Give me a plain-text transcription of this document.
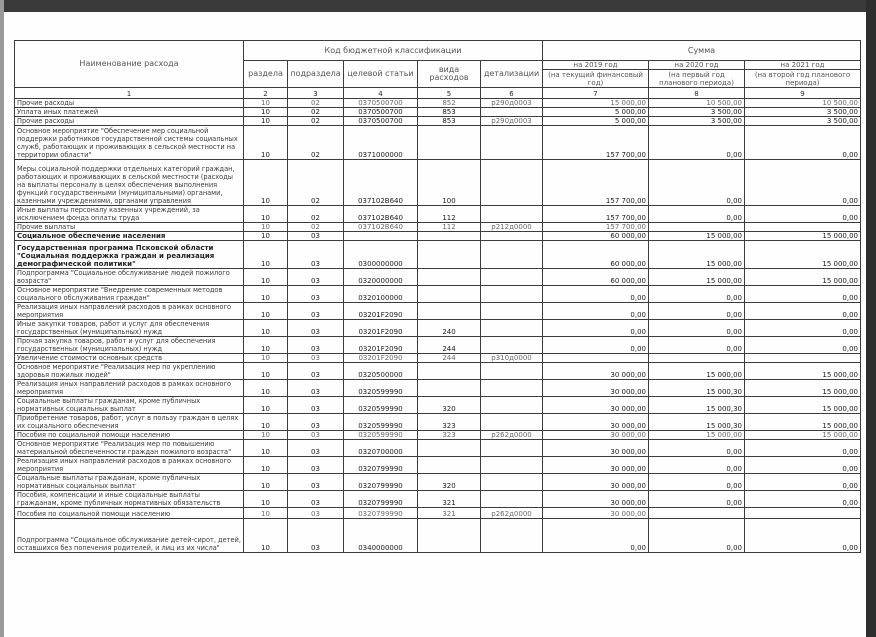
Наименование расхода	Код бюджетной классификации					Сумма		
	раздела	подраздела	целевой статьи	вида расходов	детализации	на 2019 год	на 2020 год	на 2021 год
						(на текущий финансовый год)	(на первый год планового периода)	(на второй год планового периода)
1	2	3	4	5	6	7	8	9
Прочие расходы	10	02	0370500700	852	р290д0003	15 000,00	10 500,00	10 500,00
Уплата иных платежей	10	02	0370500700	853		5 000,00	3 500,00	3 500,00
Прочие расходы	10	02	0370500700	853	р290д0003	5 000,00	3 500,00	3 500,00
Основное мероприятие "Обеспечение мер социальной поддержки работников государственной системы социальных служб, работающих и проживающих в сельской местности на территории области"	10	02	0371000000			157 700,00	0,00	0,00
Меры социальной поддержки отдельных категорий граждан, работающих и проживающих в сельской местности (расходы на выплаты персоналу в целях обеспечения выполнения функций государственными (муниципальными) органами, казенными учреждениями, органами управления	10	02	037102В640	100		157 700,00	0,00	0,00
Иные выплаты персоналу казенных учреждений, за исключением фонда оплаты труда	10	02	037102В640	112		157 700,00	0,00	0,00
Прочие выплаты	10	02	037102В640	112	р212д0000	157 700,00		
Социальное обеспечение населения	10	03				60 000,00	15 000,00	15 000,00
Государственная программа Псковской области "Социальная поддержка граждан и реализация демографической политики"	10	03	0300000000			60 000,00	15 000,00	15 000,00
Подпрограмма "Социальное обслуживание людей пожилого возраста"	10	03	0320000000			60 000,00	15 000,00	15 000,00
Основное мероприятие "Внедрение современных методов социального обслуживания граждан"	10	03	0320100000			0,00	0,00	0,00
Реализация иных направлений расходов в рамках основного мероприятия	10	03	03201F2090			0,00	0,00	0,00
Иные закупки товаров, работ и услуг для обеспечения государственных (муниципальных) нужд	10	03	03201F2090	240		0,00	0,00	0,00
Прочая закупка товаров, работ и услуг для обеспечения государственных (муниципальных) нужд	10	03	03201F2090	244		0,00	0,00	0,00
Увеличение стоимости основных средств	10	03	03201F2090	244	р310д0000			
Основное мероприятие "Реализация мер по укреплению здоровья пожилых людей"	10	03	0320500000			30 000,00	15 000,00	15 000,00
Реализация иных направлений расходов в рамках основного мероприятия	10	03	0320599990			30 000,00	15 000,30	15 000,00
Социальные выплаты гражданам, кроме публичных нормативных социальных выплат	10	03	0320599990	320		30 000,00	15 000,30	15 000,00
Приобретение товаров, работ, услуг в пользу граждан в целях их социального обеспечения	10	03	0320599990	323		30 000,00	15 000,30	15 000,00
Пособия по социальной помощи населению	10	03	0320599990	323	р262д0000	30 000,00	15 000,00	15 000,00
Основное мероприятие "Реализация мер по повышению материальной обеспеченности граждан пожилого возраста"	10	03	0320700000			30 000,00	0,00	0,00
Реализация иных направлений расходов в рамках основного мероприятия	10	03	0320799990			30 000,00	0,00	0,00
Социальные выплаты гражданам, кроме публичных нормативных социальных выплат	10	03	0320799990	320		30 000,00	0,00	0,00
Пособия, компенсации и иные социальные выплаты гражданам, кроме публичных нормативных обязательств	10	03	0320799990	321		30 000,00	0,00	0,00
Пособия по социальной помощи населению	10	03	0320799990	321	р262д0000	30 000,00		
Подпрограмма "Социальное обслуживание детей-сирот, детей, оставшихся без попечения родителей, и лиц из их числа"	10	03	0340000000			0,00	0,00	0,00
